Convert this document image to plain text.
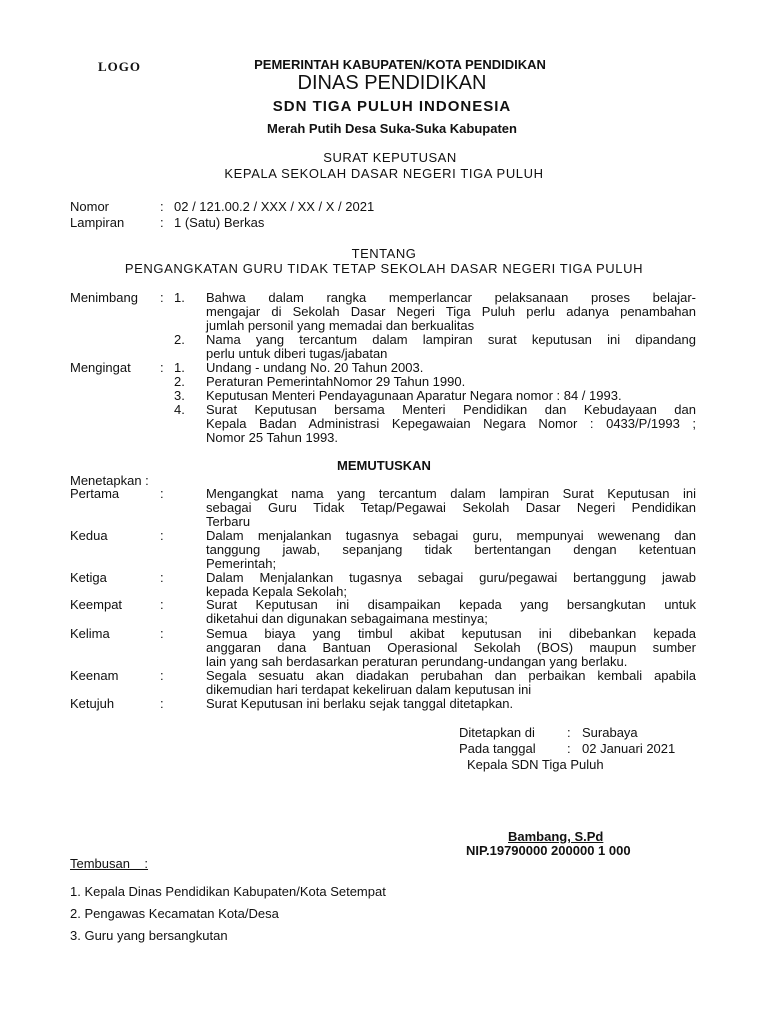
LOGO	PEMERINTAH KABUPATEN/KOTA PENDIDIKAN
DINAS PENDIDIKAN
SDN TIGA PULUH INDONESIA
Merah Putih Desa Suka-Suka Kabupaten
SURAT KEPUTUSAN
KEPALA SEKOLAH DASAR NEGERI TIGA PULUH
Nomor	: 02 / 121.00.2 / XXX / XX / X / 2021
Lampiran	: 1 (Satu) Berkas
TENTANG
PENGANGKATAN GURU TIDAK TETAP SEKOLAH DASAR NEGERI TIGA PULUH
Menimbang : 1. Bahwa dalam rangka memperlancar pelaksanaan proses belajar-
mengajar di Sekolah Dasar Negeri Tiga Puluh perlu adanya penambahan
jumlah personil yang memadai dan berkualitas
2. Nama yang tercantum dalam lampiran surat keputusan ini dipandang
perlu untuk diberi tugas/jabatan
Mengingat : 1. Undang - undang No. 20 Tahun 2003.
2. Peraturan PemerintahNomor 29 Tahun 1990.
3. Keputusan Menteri Pendayagunaan Aparatur Negara nomor : 84 / 1993.
4. Surat Keputusan bersama Menteri Pendidikan dan Kebudayaan dan
Kepala Badan Administrasi Kepegawaian Negara Nomor : 0433/P/1993 ;
Nomor 25 Tahun 1993.
MEMUTUSKAN
Menetapkan :
Pertama	:	Mengangkat nama yang tercantum dalam lampiran Surat Keputusan ini
sebagai Guru Tidak Tetap/Pegawai Sekolah Dasar Negeri Pendidikan
Terbaru
Kedua	:	Dalam menjalankan tugasnya sebagai guru, mempunyai wewenang dan
tanggung jawab, sepanjang tidak bertentangan dengan ketentuan
Pemerintah;
Ketiga	:	Dalam Menjalankan tugasnya sebagai guru/pegawai bertanggung jawab
kepada Kepala Sekolah;
Keempat	:	Surat Keputusan ini disampaikan kepada yang bersangkutan untuk
diketahui dan digunakan sebagaimana mestinya;
Kelima	:	Semua biaya yang timbul akibat keputusan ini dibebankan kepada
anggaran dana Bantuan Operasional Sekolah (BOS) maupun sumber
lain yang sah berdasarkan peraturan perundang-undangan yang berlaku.
Keenam	:	Segala sesuatu akan diadakan perubahan dan perbaikan kembali apabila
dikemudian hari terdapat kekeliruan dalam keputusan ini
Ketujuh	:	Surat Keputusan ini berlaku sejak tanggal ditetapkan.
Ditetapkan di : Surabaya
Pada tanggal : 02 Januari 2021
Kepala SDN Tiga Puluh
Bambang, S.Pd
NIP.19790000 200000 1 000
Tembusan    :
1. Kepala Dinas Pendidikan Kabupaten/Kota Setempat
2. Pengawas Kecamatan Kota/Desa
3. Guru yang bersangkutan
